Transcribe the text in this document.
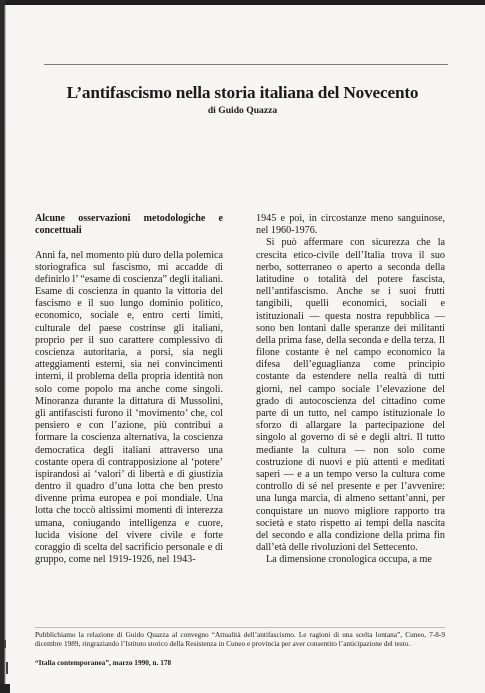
L’antifascismo nella storia italiana del Novecento
di Guido Quazza

Alcune osservazioni metodologiche e concettuali

Anni fa, nel momento più duro della polemica storiografica sul fascismo, mi accadde di definirlo l’ “esame di coscienza” degli italiani. Esame di coscienza in quanto la vittoria del fascismo e il suo lungo dominio politico, economico, sociale e, entro certi limiti, culturale del paese costrinse gli italiani, proprio per il suo carattere complessivo di coscienza autoritaria, a porsi, sia negli atteggiamenti esterni, sia nei convincimenti interni, il problema della propria identità non solo come popolo ma anche come singoli. Minoranza durante la dittatura di Mussolini, gli antifascisti furono il ‘movimento’ che, col pensiero e con l’azione, più contribuì a formare la coscienza alternativa, la coscienza democratica degli italiani attraverso una costante opera di contrapposizione al ‘potere’ ispirandosi ai ‘valori’ di libertà e di giustizia dentro il quadro d’una lotta che ben presto divenne prima europea e poi mondiale. Una lotta che toccò altissimi momenti di interezza umana, coniugando intelligenza e cuore, lucida visione del vivere civile e forte coraggio di scelta del sacrificio personale e di gruppo, come nel 1919-1926, nel 1943-

1945 e poi, in circostanze meno sanguinose, nel 1960-1976.

Si può affermare con sicurezza che la crescita etico-civile dell’Italia trova il suo nerbo, sotterraneo o aperto a seconda della latitudine o totalità del potere fascista, nell’antifascismo. Anche se i suoi frutti tangibili, quelli economici, sociali e istituzionali — questa nostra repubblica — sono ben lontani dalle speranze dei militanti della prima fase, della seconda e della terza. Il filone costante è nel campo economico la difesa dell’eguaglianza come principio costante da estendere nella realtà di tutti giorni, nel campo sociale l’elevazione del grado di autocoscienza del cittadino come parte di un tutto, nel campo istituzionale lo sforzo di allargare la partecipazione del singolo al governo di sé e degli altri. Il tutto mediante la cultura — non solo come costruzione di nuovi e più attenti e meditati saperi — e a un tempo verso la cultura come controllo di sé nel presente e per l’avvenire: una lunga marcia, di almeno settant’anni, per conquistare un nuovo migliore rapporto tra società e stato rispetto ai tempi della nascita del secondo e alla condizione della prima fin dall’età delle rivoluzioni del Settecento.

La dimensione cronologica occupa, a me

Pubblichiamo la relazione di Guido Quazza al convegno “Attualità dell’antifascismo. Le ragioni di una scelta lontana”, Cuneo, 7-8-9 dicembre 1989, ringraziando l’Istituto storico della Resistenza in Cuneo e provincia per aver consentito l’anticipazione del testo.
“Italia contemporanea”, marzo 1990, n. 178
